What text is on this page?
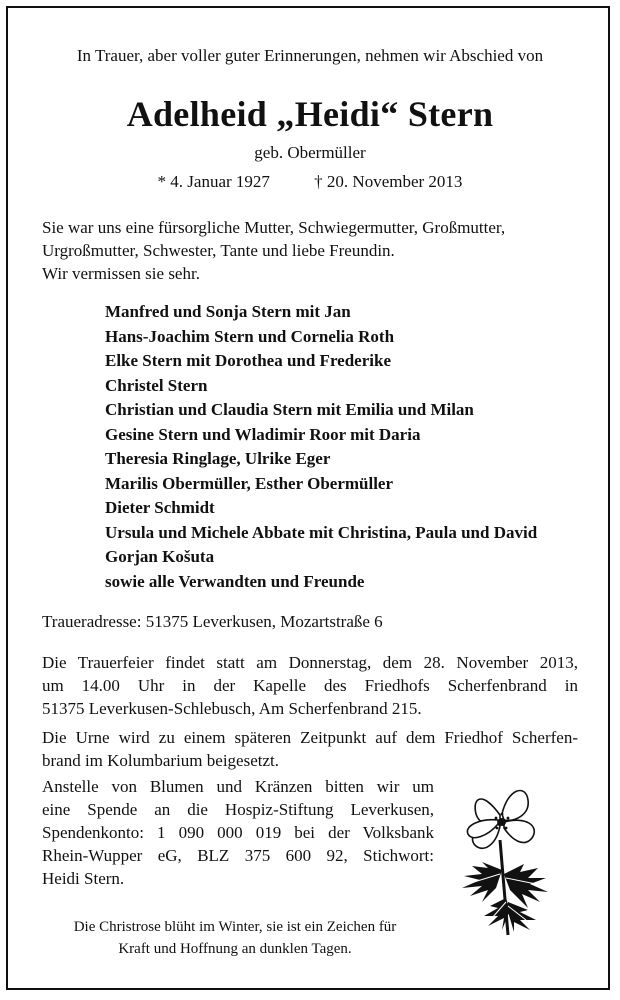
In Trauer, aber voller guter Erinnerungen, nehmen wir Abschied von
Adelheid „Heidi“ Stern
geb. Obermüller
* 4. Januar 1927	† 20. November 2013
Sie war uns eine fürsorgliche Mutter, Schwiegermutter, Großmutter,
Urgroßmutter, Schwester, Tante und liebe Freundin.
Wir vermissen sie sehr.
Manfred und Sonja Stern mit Jan
Hans-Joachim Stern und Cornelia Roth
Elke Stern mit Dorothea und Frederike
Christel Stern
Christian und Claudia Stern mit Emilia und Milan
Gesine Stern und Wladimir Roor mit Daria
Theresia Ringlage, Ulrike Eger
Marilis Obermüller, Esther Obermüller
Dieter Schmidt
Ursula und Michele Abbate mit Christina, Paula und David
Gorjan Košuta
sowie alle Verwandten und Freunde
Traueradresse: 51375 Leverkusen, Mozartstraße 6
Die Trauerfeier findet statt am Donnerstag, dem 28. November 2013,
um 14.00 Uhr in der Kapelle des Friedhofs Scherfenbrand in
51375 Leverkusen-Schlebusch, Am Scherfenbrand 215.
Die Urne wird zu einem späteren Zeitpunkt auf dem Friedhof Scherfen-
brand im Kolumbarium beigesetzt.
Anstelle von Blumen und Kränzen bitten wir um
eine Spende an die Hospiz-Stiftung Leverkusen,
Spendenkonto: 1 090 000 019 bei der Volksbank
Rhein-Wupper eG, BLZ 375 600 92, Stichwort:
Heidi Stern.
Die Christrose blüht im Winter, sie ist ein Zeichen für
Kraft und Hoffnung an dunklen Tagen.
